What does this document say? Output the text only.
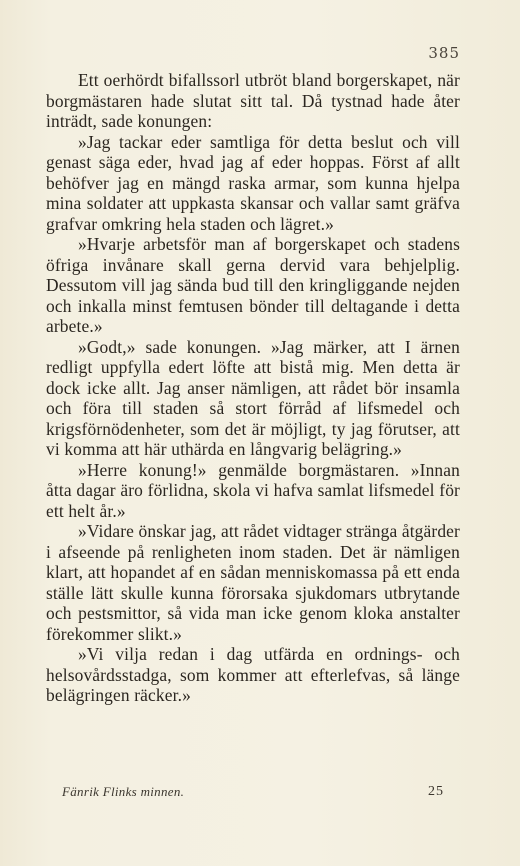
385

Ett oerhördt bifallssorl utbröt bland borgerskapet, när borgmästaren hade slutat sitt tal. Då tystnad hade åter inträdt, sade konungen:

»Jag tackar eder samtliga för detta beslut och vill genast säga eder, hvad jag af eder hoppas. Först af allt behöfver jag en mängd raska armar, som kunna hjelpa mina soldater att uppkasta skansar och vallar samt gräfva grafvar omkring hela staden och lägret.»

»Hvarje arbetsför man af borgerskapet och stadens öfriga invånare skall gerna dervid vara behjelplig. Dessutom vill jag sända bud till den kringliggande nejden och inkalla minst femtusen bönder till deltagande i detta arbete.»

»Godt,» sade konungen. »Jag märker, att I ärnen redligt uppfylla edert löfte att bistå mig. Men detta är dock icke allt. Jag anser nämligen, att rådet bör insamla och föra till staden så stort förråd af lifsmedel och krigsförnödenheter, som det är möjligt, ty jag förutser, att vi komma att här uthärda en långvarig belägring.»

»Herre konung!» genmälde borgmästaren. »Innan åtta dagar äro förlidna, skola vi hafva samlat lifsmedel för ett helt år.»

»Vidare önskar jag, att rådet vidtager stränga åtgärder i afseende på renligheten inom staden. Det är nämligen klart, att hopandet af en sådan menniskomassa på ett enda ställe lätt skulle kunna förorsaka sjukdomars utbrytande och pestsmittor, så vida man icke genom kloka anstalter förekommer slikt.»

»Vi vilja redan i dag utfärda en ordnings- och helsovårdsstadga, som kommer att efterlefvas, så länge belägringen räcker.»

Fänrik Flinks minnen.	25
